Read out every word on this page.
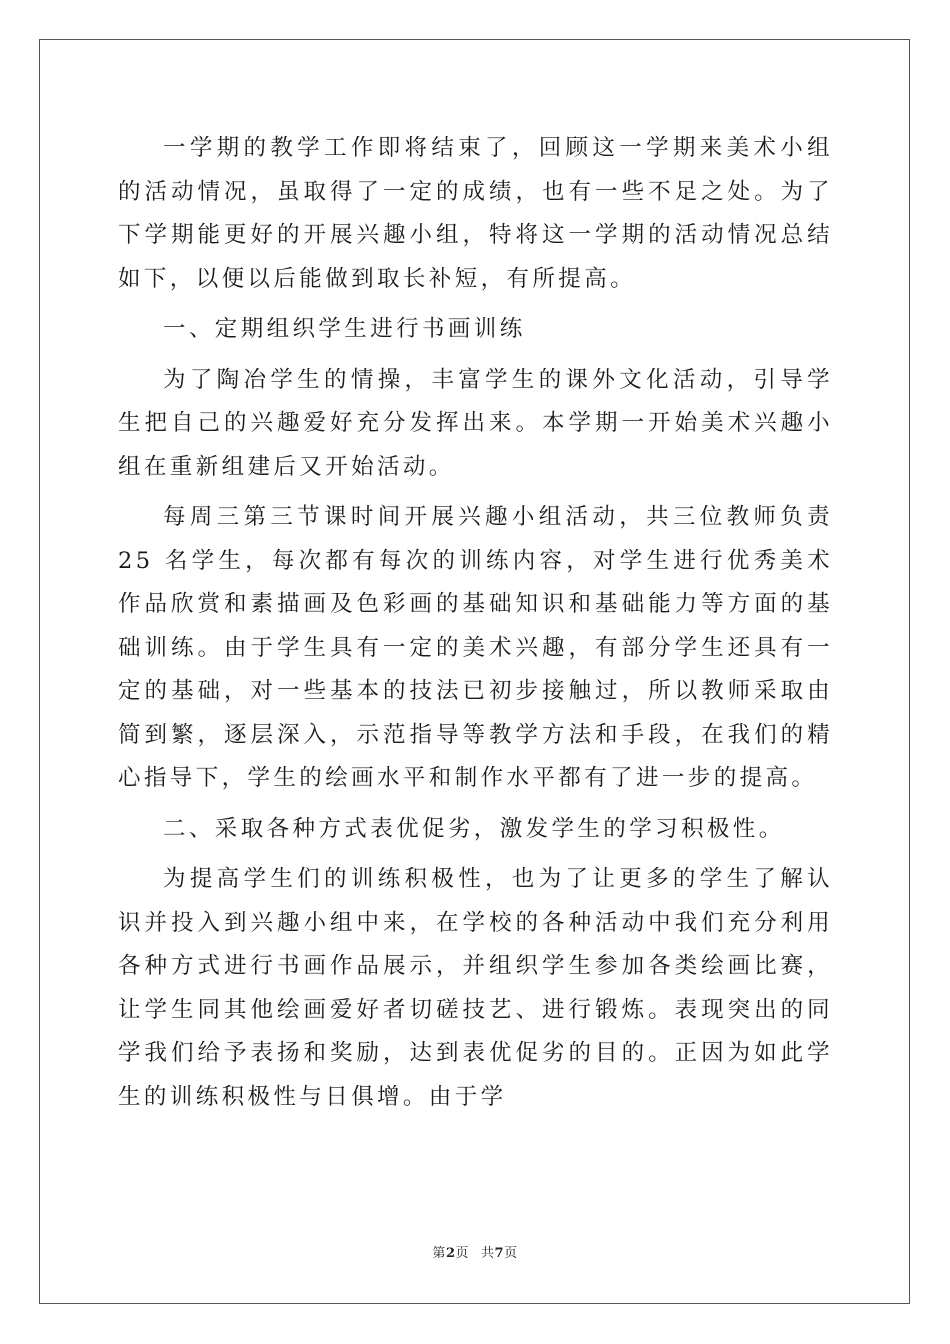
一学期的教学工作即将结束了，回顾这一学期来美术小组的活动情况，虽取得了一定的成绩，也有一些不足之处。为了下学期能更好的开展兴趣小组，特将这一学期的活动情况总结如下，以便以后能做到取长补短，有所提高。

一、定期组织学生进行书画训练

为了陶冶学生的情操，丰富学生的课外文化活动，引导学生把自己的兴趣爱好充分发挥出来。本学期一开始美术兴趣小组在重新组建后又开始活动。

每周三第三节课时间开展兴趣小组活动，共三位教师负责 25 名学生，每次都有每次的训练内容，对学生进行优秀美术作品欣赏和素描画及色彩画的基础知识和基础能力等方面的基础训练。由于学生具有一定的美术兴趣，有部分学生还具有一定的基础，对一些基本的技法已初步接触过，所以教师采取由简到繁，逐层深入，示范指导等教学方法和手段，在我们的精心指导下，学生的绘画水平和制作水平都有了进一步的提高。

二、采取各种方式表优促劣，激发学生的学习积极性。

为提高学生们的训练积极性，也为了让更多的学生了解认识并投入到兴趣小组中来，在学校的各种活动中我们充分利用各种方式进行书画作品展示，并组织学生参加各类绘画比赛，让学生同其他绘画爱好者切磋技艺、进行锻炼。表现突出的同学我们给予表扬和奖励，达到表优促劣的目的。正因为如此学生的训练积极性与日俱增。由于学

第2页 共7页
